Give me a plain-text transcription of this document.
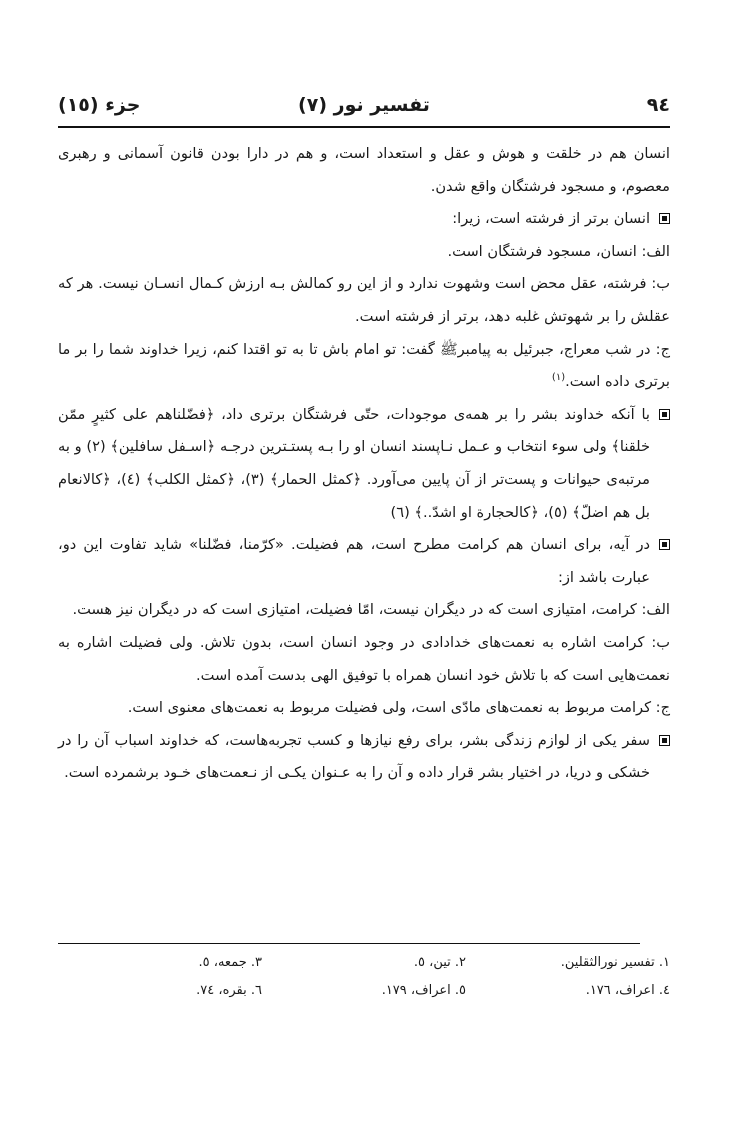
٩٤
تفسیر نور (٧)
جزء (١٥)

انسان هم در خلقت و هوش و عقل و استعداد است، و هم در دارا بودن قانون آسمانى و رهبرى معصوم، و مسجود فرشتگان واقع شدن.

انسان برتر از فرشته است، زيرا:

الف: انسان، مسجود فرشتگان است.

ب: فرشته، عقل محض است وشهوت ندارد و از اين رو كمالش بـه ارزش كـمال انسـان نيست. هر كه عقلش را بر شهوتش غلبه دهد، برتر از فرشته است.

ج: در شب معراج، جبرئيل به پيامبرﷺ گفت: تو امام باش تا به تو اقتدا كنم، زيرا خداوند شما را بر ما برترى داده است.$^{(١)}$

با آنكه خداوند بشر را بر همه‌ى موجودات، حتّى فرشتگان برترى داد، ﴿فضّلناهم على كثيرٍ ممّن خلقنا﴾ ولى سوء انتخاب و عـمل نـاپسند انسان او را بـه پستـترين درجـه ﴿اسـفل سافلين﴾ (٢) و به مرتبه‌ى حيوانات و پست‌تر از آن پايين مى‌آورد. ﴿كمثل الحمار﴾ (٣)، ﴿كمثل الكلب﴾ (٤)، ﴿كالانعام بل هم اضلّ﴾ (٥)، ﴿كالحجارة او اشدّ..﴾ (٦)

در آيه، براى انسان هم كرامت مطرح است، هم فضيلت. «كرّمنا، فضّلنا» شايد تفاوت اين دو، عبارت باشد از:

الف: كرامت، امتيازى است كه در ديگران نيست، امّا فضيلت، امتيازى است كه در ديگران نيز هست.

ب: كرامت اشاره به نعمت‌هاى خدادادى در وجود انسان است، بدون تلاش. ولى فضيلت اشاره به نعمت‌هايى است كه با تلاش خود انسان همراه با توفيق الهى بدست آمده است.

ج: كرامت مربوط به نعمت‌هاى مادّى است، ولى فضيلت مربوط به نعمت‌هاى معنوى است.

سفر يكى از لوازم زندگى بشر، براى رفع نيازها و كسب تجربه‌هاست، كه خداوند اسباب آن را در خشكى و دريا، در اختيار بشر قرار داده و آن را به عـنوان يكـى از نـعمت‌هاى خـود برشمرده است.

١. تفسير نورالثقلين.
٢. تين، ٥.
٣. جمعه، ٥.
٤. اعراف، ١٧٦.
٥. اعراف، ١٧٩.
٦. بقره، ٧٤.
